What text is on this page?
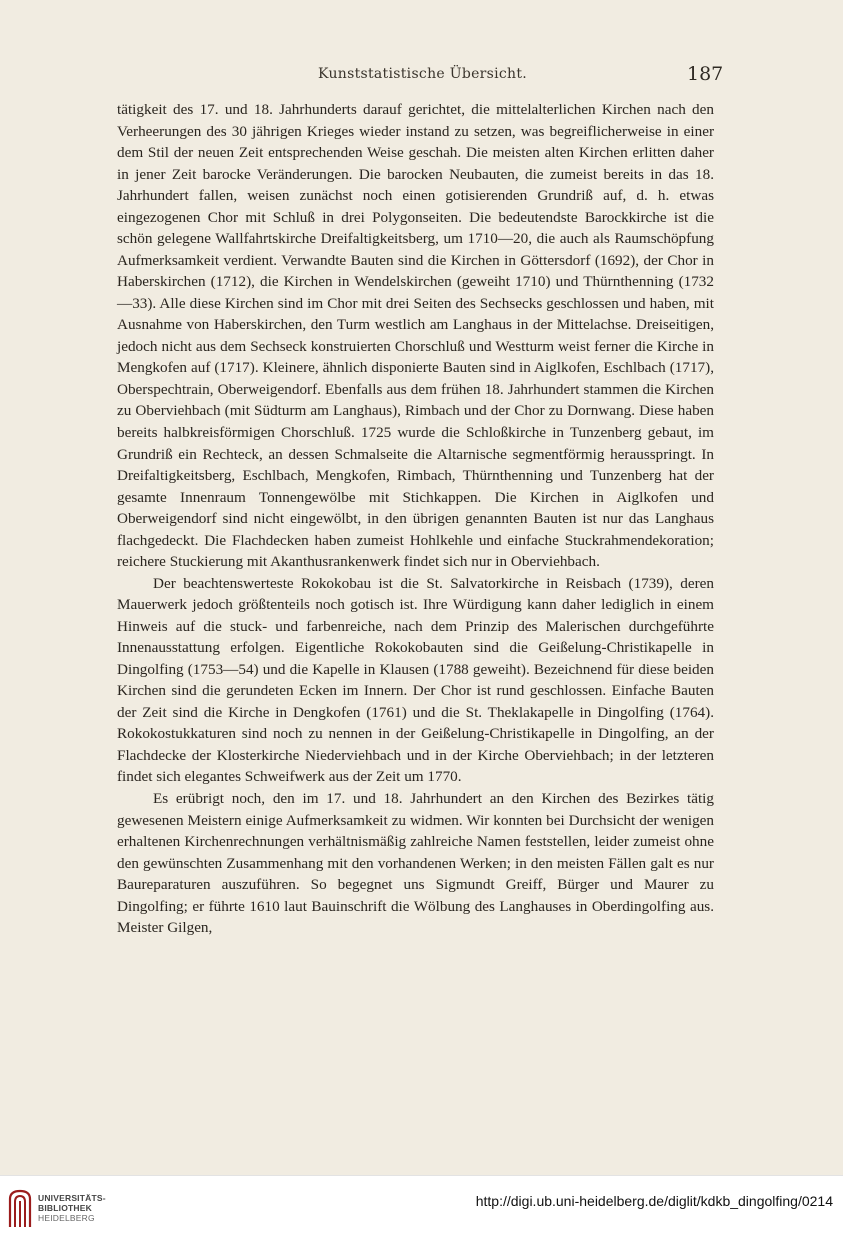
Kunststatistische Übersicht.	187

tätigkeit des 17. und 18. Jahrhunderts darauf gerichtet, die mittelalterlichen Kirchen nach den Verheerungen des 30 jährigen Krieges wieder instand zu setzen, was begreiflicherweise in einer dem Stil der neuen Zeit entsprechenden Weise geschah. Die meisten alten Kirchen erlitten daher in jener Zeit barocke Veränderungen. Die barocken Neubauten, die zumeist bereits in das 18. Jahrhundert fallen, weisen zunächst noch einen gotisierenden Grundriß auf, d. h. etwas eingezogenen Chor mit Schluß in drei Polygonseiten. Die bedeutendste Barockkirche ist die schön gelegene Wallfahrtskirche Dreifaltigkeitsberg, um 1710—20, die auch als Raumschöpfung Aufmerksamkeit verdient. Verwandte Bauten sind die Kirchen in Göttersdorf (1692), der Chor in Haberskirchen (1712), die Kirchen in Wendelskirchen (geweiht 1710) und Thürnthenning (1732—33). Alle diese Kirchen sind im Chor mit drei Seiten des Sechsecks geschlossen und haben, mit Ausnahme von Haberskirchen, den Turm westlich am Langhaus in der Mittelachse. Dreiseitigen, jedoch nicht aus dem Sechseck konstruierten Chorschluß und Westturm weist ferner die Kirche in Mengkofen auf (1717). Kleinere, ähnlich disponierte Bauten sind in Aiglkofen, Eschlbach (1717), Oberspechtrain, Oberweigendorf. Ebenfalls aus dem frühen 18. Jahrhundert stammen die Kirchen zu Oberviehbach (mit Südturm am Langhaus), Rimbach und der Chor zu Dornwang. Diese haben bereits halbkreisförmigen Chorschluß. 1725 wurde die Schloßkirche in Tunzenberg gebaut, im Grundriß ein Rechteck, an dessen Schmalseite die Altarnische segmentförmig herausspringt. In Dreifaltigkeitsberg, Eschlbach, Mengkofen, Rimbach, Thürnthenning und Tunzenberg hat der gesamte Innenraum Tonnengewölbe mit Stichkappen. Die Kirchen in Aiglkofen und Oberweigendorf sind nicht eingewölbt, in den übrigen genannten Bauten ist nur das Langhaus flachgedeckt. Die Flachdecken haben zumeist Hohlkehle und einfache Stuckrahmendekoration; reichere Stuckierung mit Akanthusrankenwerk findet sich nur in Oberviehbach.

Der beachtenswerteste Rokokobau ist die St. Salvatorkirche in Reisbach (1739), deren Mauerwerk jedoch größtenteils noch gotisch ist. Ihre Würdigung kann daher lediglich in einem Hinweis auf die stuck- und farbenreiche, nach dem Prinzip des Malerischen durchgeführte Innenausstattung erfolgen. Eigentliche Rokokobauten sind die Geißelung-Christikapelle in Dingolfing (1753—54) und die Kapelle in Klausen (1788 geweiht). Bezeichnend für diese beiden Kirchen sind die gerundeten Ecken im Innern. Der Chor ist rund geschlossen. Einfache Bauten der Zeit sind die Kirche in Dengkofen (1761) und die St. Theklakapelle in Dingolfing (1764). Rokokostukkaturen sind noch zu nennen in der Geißelung-Christikapelle in Dingolfing, an der Flachdecke der Klosterkirche Niederviehbach und in der Kirche Oberviehbach; in der letzteren findet sich elegantes Schweifwerk aus der Zeit um 1770.

Es erübrigt noch, den im 17. und 18. Jahrhundert an den Kirchen des Bezirkes tätig gewesenen Meistern einige Aufmerksamkeit zu widmen. Wir konnten bei Durchsicht der wenigen erhaltenen Kirchenrechnungen verhältnismäßig zahlreiche Namen feststellen, leider zumeist ohne den gewünschten Zusammenhang mit den vorhandenen Werken; in den meisten Fällen galt es nur Baureparaturen auszuführen. So begegnet uns Sigmundt Greiff, Bürger und Maurer zu Dingolfing; er führte 1610 laut Bauinschrift die Wölbung des Langhauses in Oberdingolfing aus. Meister Gilgen,

UNIVERSITÄTS-
BIBLIOTHEK
HEIDELBERG
http://digi.ub.uni-heidelberg.de/diglit/kdkb_dingolfing/0214
